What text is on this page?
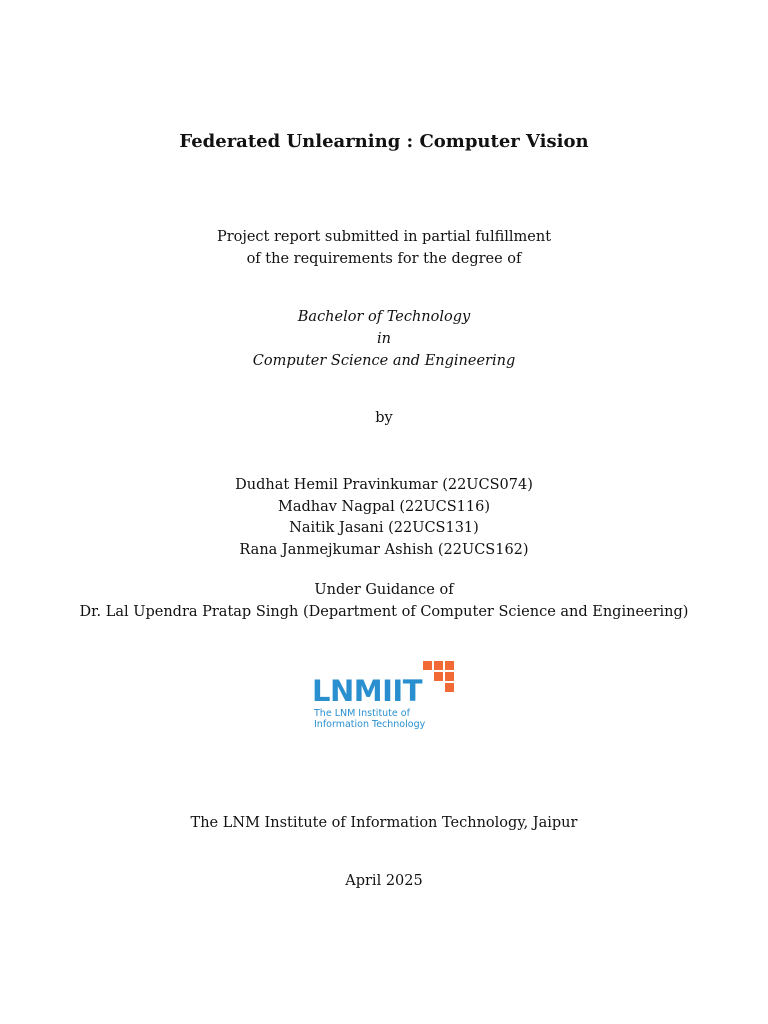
Federated Unlearning : Computer Vision
Project report submitted in partial fulfillment
of the requirements for the degree of
Bachelor of Technology
in
Computer Science and Engineering
by
Dudhat Hemil Pravinkumar (22UCS074)
Madhav Nagpal (22UCS116)
Naitik Jasani (22UCS131)
Rana Janmejkumar Ashish (22UCS162)
Under Guidance of
Dr. Lal Upendra Pratap Singh (Department of Computer Science and Engineering)
LNMIIT
The LNM Institute of
Information Technology
The LNM Institute of Information Technology, Jaipur
April 2025
